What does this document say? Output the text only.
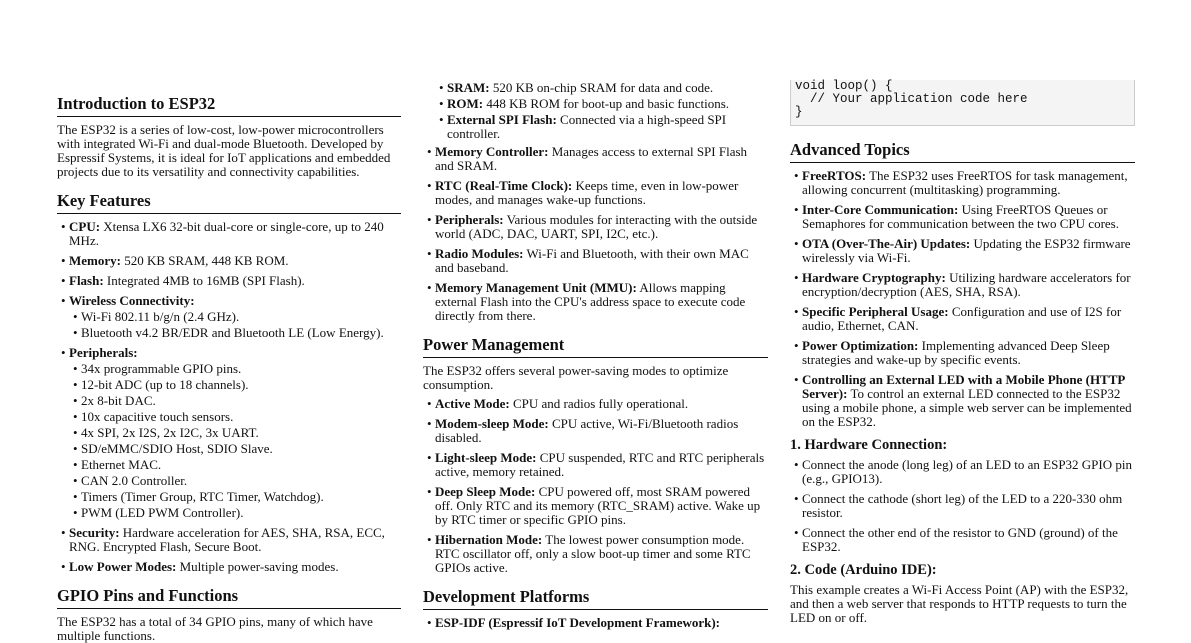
Introduction to ESP32

The ESP32 is a series of low-cost, low-power microcontrollers with integrated Wi-Fi and dual-mode Bluetooth. Developed by Espressif Systems, it is ideal for IoT applications and embedded projects due to its versatility and connectivity capabilities.

Key Features
• CPU: Xtensa LX6 32-bit dual-core or single-core, up to 240 MHz.
• Memory: 520 KB SRAM, 448 KB ROM.
• Flash: Integrated 4MB to 16MB (SPI Flash).
• Wireless Connectivity:
• Wi-Fi 802.11 b/g/n (2.4 GHz).
• Bluetooth v4.2 BR/EDR and Bluetooth LE (Low Energy).
• Peripherals:
• 34x programmable GPIO pins.
• 12-bit ADC (up to 18 channels).
• 2x 8-bit DAC.
• 10x capacitive touch sensors.
• 4x SPI, 2x I2S, 2x I2C, 3x UART.
• SD/eMMC/SDIO Host, SDIO Slave.
• Ethernet MAC.
• CAN 2.0 Controller.
• Timers (Timer Group, RTC Timer, Watchdog).
• PWM (LED PWM Controller).
• Security: Hardware acceleration for AES, SHA, RSA, ECC, RNG. Encrypted Flash, Secure Boot.
• Low Power Modes: Multiple power-saving modes.
GPIO Pins and Functions

The ESP32 has a total of 34 GPIO pins, many of which have multiple functions.

• SRAM: 520 KB on-chip SRAM for data and code.
• ROM: 448 KB ROM for boot-up and basic functions.
• External SPI Flash: Connected via a high-speed SPI controller.
• Memory Controller: Manages access to external SPI Flash and SRAM.
• RTC (Real-Time Clock): Keeps time, even in low-power modes, and manages wake-up functions.
• Peripherals: Various modules for interacting with the outside world (ADC, DAC, UART, SPI, I2C, etc.).
• Radio Modules: Wi-Fi and Bluetooth, with their own MAC and baseband.
• Memory Management Unit (MMU): Allows mapping external Flash into the CPU's address space to execute code directly from there.
Power Management

The ESP32 offers several power-saving modes to optimize consumption.

• Active Mode: CPU and radios fully operational.
• Modem-sleep Mode: CPU active, Wi-Fi/Bluetooth radios disabled.
• Light-sleep Mode: CPU suspended, RTC and RTC peripherals active, memory retained.
• Deep Sleep Mode: CPU powered off, most SRAM powered off. Only RTC and its memory (RTC_SRAM) active. Wake up by RTC timer or specific GPIO pins.
• Hibernation Mode: The lowest power consumption mode. RTC oscillator off, only a slow boot-up timer and some RTC GPIOs active.
Development Platforms
• ESP-IDF (Espressif IoT Development Framework):
void loop() {
// Your application code here
}
Advanced Topics
• FreeRTOS: The ESP32 uses FreeRTOS for task management, allowing concurrent (multitasking) programming.
• Inter-Core Communication: Using FreeRTOS Queues or Semaphores for communication between the two CPU cores.
• OTA (Over-The-Air) Updates: Updating the ESP32 firmware wirelessly via Wi-Fi.
• Hardware Cryptography: Utilizing hardware accelerators for encryption/decryption (AES, SHA, RSA).
• Specific Peripheral Usage: Configuration and use of I2S for audio, Ethernet, CAN.
• Power Optimization: Implementing advanced Deep Sleep strategies and wake-up by specific events.
• Controlling an External LED with a Mobile Phone (HTTP Server): To control an external LED connected to the ESP32 using a mobile phone, a simple web server can be implemented on the ESP32.
1. Hardware Connection:
• Connect the anode (long leg) of an LED to an ESP32 GPIO pin (e.g., GPIO13).
• Connect the cathode (short leg) of the LED to a 220-330 ohm resistor.
• Connect the other end of the resistor to GND (ground) of the ESP32.
2. Code (Arduino IDE):

This example creates a Wi-Fi Access Point (AP) with the ESP32, and then a web server that responds to HTTP requests to turn the LED on or off.
